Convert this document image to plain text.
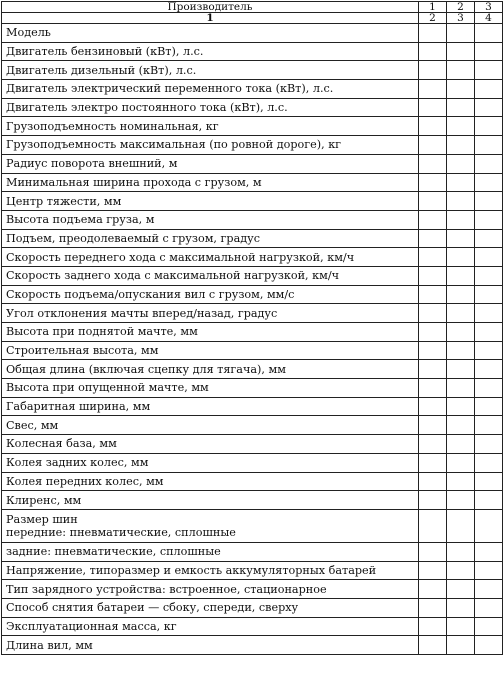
Производитель	1	2	3
1	2	3	4

Модель			

Двигатель бензиновый (кВт), л.с.			

Двигатель дизельный (кВт), л.с.			

Двигатель электрический переменного тока (кВт), л.с.			

Двигатель электро постоянного тока (кВт), л.с.			

Грузоподъемность номинальная, кг			

Грузоподъемность максимальная (по ровной дороге), кг			

Радиус поворота внешний, м			

Минимальная ширина прохода с грузом, м			

Центр тяжести, мм			

Высота подъема груза, м			

Подъем, преодолеваемый с грузом, градус			

Скорость переднего хода с максимальной нагрузкой, км/ч			

Скорость заднего хода с максимальной нагрузкой, км/ч			

Скорость подъема/опускания вил с грузом, мм/с			

Угол отклонения мачты вперед/назад, градус			

Высота при поднятой мачте, мм			

Строительная высота, мм			

Общая длина (включая сцепку для тягача), мм			

Высота при опущенной мачте, мм			

Габаритная ширина, мм			

Свес, мм			

Колесная база, мм			

Колея задних колес, мм			

Колея передних колес, мм			

Клиренс, мм			

Размер шин
передние: пневматические, сплошные			

задние: пневматические, сплошные			

Напряжение, типоразмер и емкость аккумуляторных батарей			

Тип зарядного устройства: встроенное, стационарное			

Способ снятия батареи — сбоку, спереди, сверху			

Эксплуатационная масса, кг			

Длина вил, мм			
